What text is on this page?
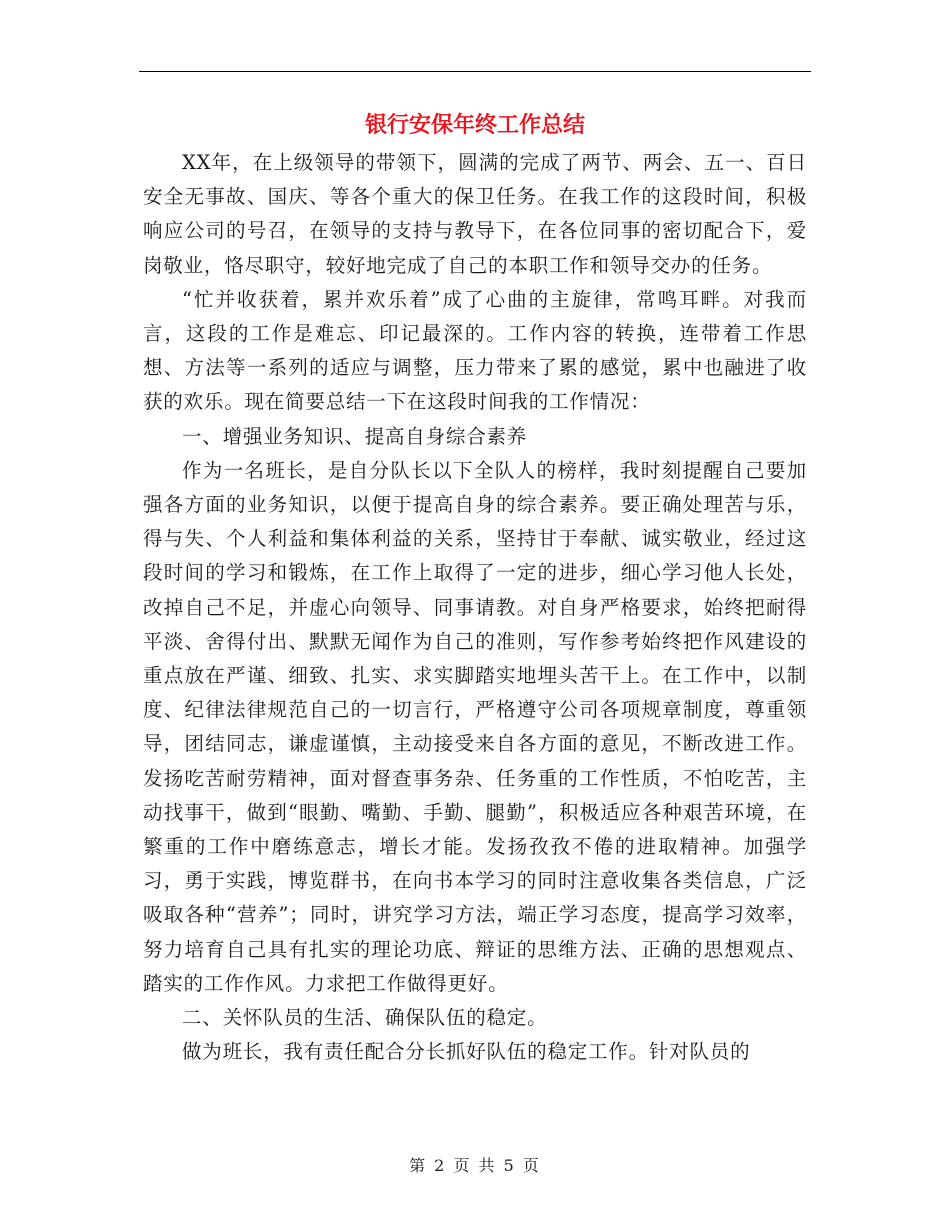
银行安保年终工作总结

XX年，在上级领导的带领下，圆满的完成了两节、两会、五一、百日安全无事故、国庆、等各个重大的保卫任务。在我工作的这段时间，积极响应公司的号召，在领导的支持与教导下，在各位同事的密切配合下，爱岗敬业，恪尽职守，较好地完成了自己的本职工作和领导交办的任务。

“忙并收获着，累并欢乐着”成了心曲的主旋律，常鸣耳畔。对我而言，这段的工作是难忘、印记最深的。工作内容的转换，连带着工作思想、方法等一系列的适应与调整，压力带来了累的感觉，累中也融进了收获的欢乐。现在简要总结一下在这段时间我的工作情况：

一、增强业务知识、提高自身综合素养

作为一名班长，是自分队长以下全队人的榜样，我时刻提醒自己要加强各方面的业务知识，以便于提高自身的综合素养。要正确处理苦与乐，得与失、个人利益和集体利益的关系，坚持甘于奉献、诚实敬业，经过这段时间的学习和锻炼，在工作上取得了一定的进步，细心学习他人长处，改掉自己不足，并虚心向领导、同事请教。对自身严格要求，始终把耐得平淡、舍得付出、默默无闻作为自己的准则，写作参考始终把作风建设的重点放在严谨、细致、扎实、求实脚踏实地埋头苦干上。在工作中，以制度、纪律法律规范自己的一切言行，严格遵守公司各项规章制度，尊重领导，团结同志，谦虚谨慎，主动接受来自各方面的意见，不断改进工作。发扬吃苦耐劳精神，面对督查事务杂、任务重的工作性质，不怕吃苦，主动找事干，做到“眼勤、嘴勤、手勤、腿勤”，积极适应各种艰苦环境，在繁重的工作中磨练意志，增长才能。发扬孜孜不倦的进取精神。加强学习，勇于实践，博览群书，在向书本学习的同时注意收集各类信息，广泛吸取各种“营养”；同时，讲究学习方法，端正学习态度，提高学习效率，努力培育自己具有扎实的理论功底、辩证的思维方法、正确的思想观点、踏实的工作作风。力求把工作做得更好。

二、关怀队员的生活、确保队伍的稳定。

做为班长，我有责任配合分长抓好队伍的稳定工作。针对队员的

第 2 页 共 5 页
